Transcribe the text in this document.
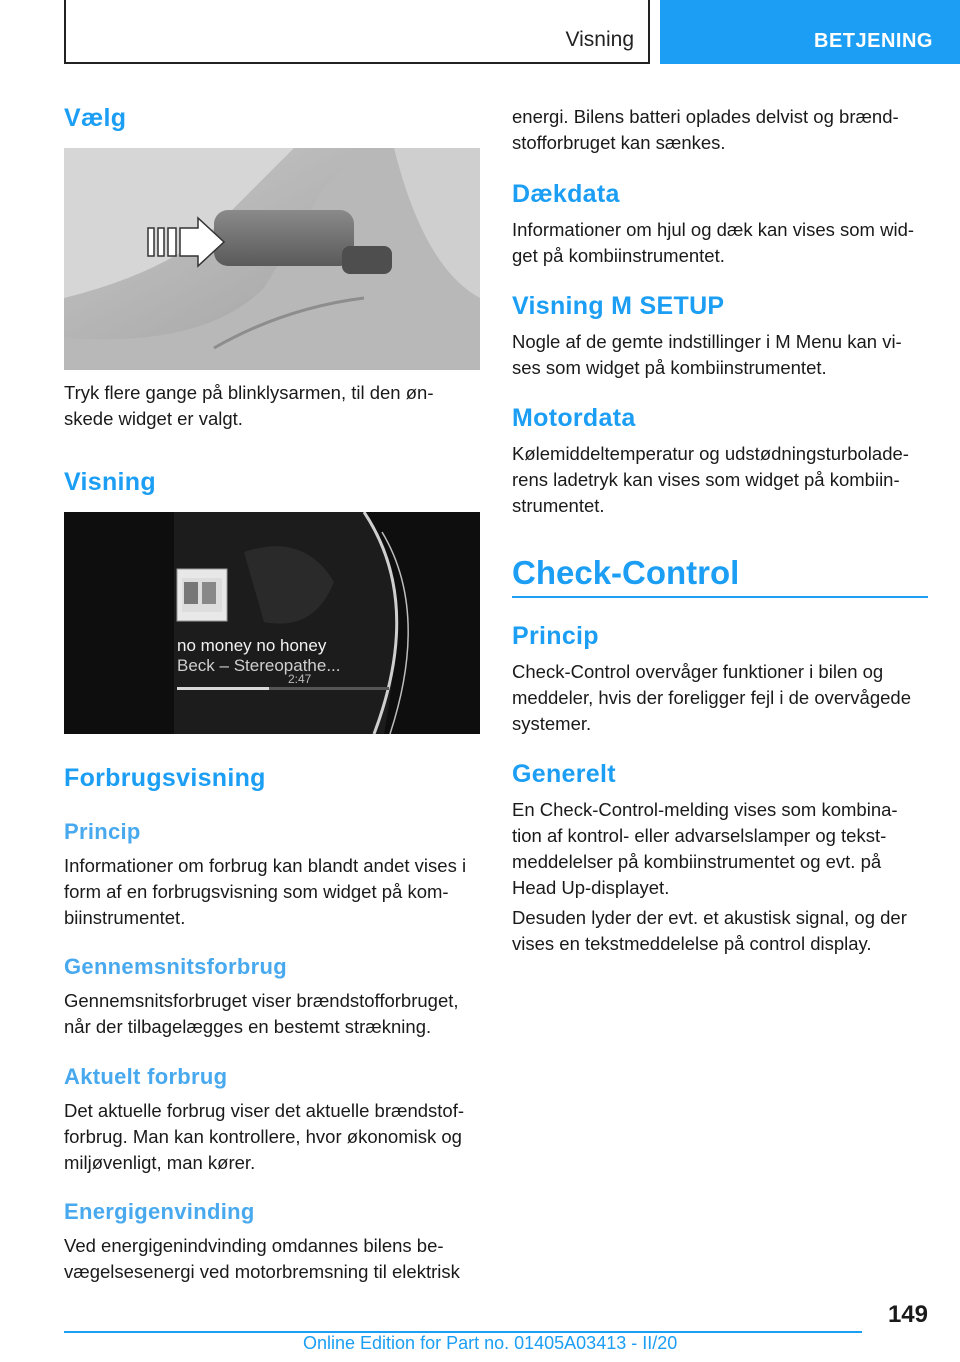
Visning	BETJENING
Vælg
Tryk flere gange på blinklysarmen, til den øn-
skede widget er valgt.
Visning
no money no honey
Beck – Stereopathe...
2:47
Forbrugsvisning
Princip
Informationer om forbrug kan blandt andet vises i form af en forbrugsvisning som widget på kom- biinstrumentet.
Gennemsnitsforbrug
Gennemsnitsforbruget viser brændstofforbruget, når der tilbagelægges en bestemt strækning.
Aktuelt forbrug
Det aktuelle forbrug viser det aktuelle brændstof- forbrug. Man kan kontrollere, hvor økonomisk og miljøvenligt, man kører.
Energigenvinding
Ved energigenindvinding omdannes bilens be- vægelsesenergi ved motorbremsning til elektrisk
energi. Bilens batteri oplades delvist og brænd- stofforbruget kan sænkes.
Dækdata
Informationer om hjul og dæk kan vises som wid- get på kombiinstrumentet.
Visning M SETUP
Nogle af de gemte indstillinger i M Menu kan vi- ses som widget på kombiinstrumentet.
Motordata
Kølemiddeltemperatur og udstødningsturbolade- rens ladetryk kan vises som widget på kombiin- strumentet.
Check-Control
Princip
Check-Control overvåger funktioner i bilen og meddeler, hvis der foreligger fejl i de overvågede systemer.
Generelt
En Check-Control-melding vises som kombina- tion af kontrol- eller advarselslamper og tekst- meddelelser på kombiinstrumentet og evt. på Head Up-displayet.
Desuden lyder der evt. et akustisk signal, og der vises en tekstmeddelelse på control display.
149
Online Edition for Part no. 01405A03413 - II/20
